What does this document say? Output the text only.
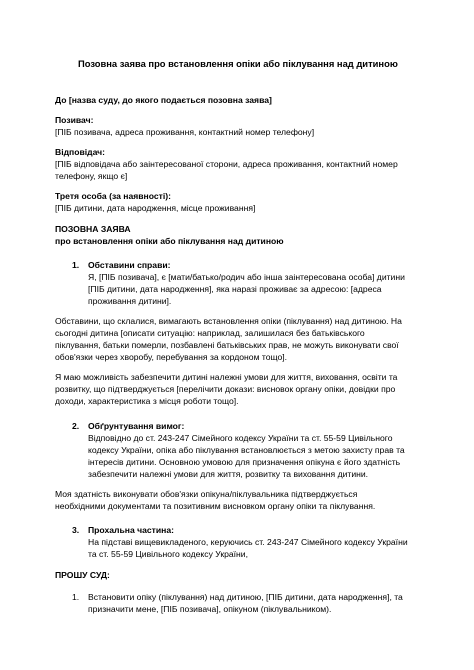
Позовна заява про встановлення опіки або піклування над дитиною
До [назва суду, до якого подається позовна заява]
Позивач:
[ПІБ позивача, адреса проживання, контактний номер телефону]
Відповідач:
[ПІБ відповідача або заінтересованої сторони, адреса проживання, контактний номер
телефону, якщо є]
Третя особа (за наявності):
[ПІБ дитини, дата народження, місце проживання]
ПОЗОВНА ЗАЯВА
про встановлення опіки або піклування над дитиною
1. Обставини справи:
Я, [ПІБ позивача], є [мати/батько/родич або інша заінтересована особа] дитини
[ПІБ дитини, дата народження], яка наразі проживає за адресою: [адреса
проживання дитини].
Обставини, що склалися, вимагають встановлення опіки (піклування) над дитиною. На
сьогодні дитина [описати ситуацію: наприклад, залишилася без батьківського
піклування, батьки померли, позбавлені батьківських прав, не можуть виконувати свої
обов'язки через хворобу, перебування за кордоном тощо].
Я маю можливість забезпечити дитині належні умови для життя, виховання, освіти та
розвитку, що підтверджується [перелічити докази: висновок органу опіки, довідки про
доходи, характеристика з місця роботи тощо].
2. Обґрунтування вимог:
Відповідно до ст. 243-247 Сімейного кодексу України та ст. 55-59 Цивільного
кодексу України, опіка або піклування встановлюється з метою захисту прав та
інтересів дитини. Основною умовою для призначення опікуна є його здатність
забезпечити належні умови для життя, розвитку та виховання дитини.
Моя здатність виконувати обов'язки опікуна/піклувальника підтверджується
необхідними документами та позитивним висновком органу опіки та піклування.
3. Прохальна частина:
На підставі вищевикладеного, керуючись ст. 243-247 Сімейного кодексу України
та ст. 55-59 Цивільного кодексу України,
ПРОШУ СУД:
1. Встановити опіку (піклування) над дитиною, [ПІБ дитини, дата народження], та
призначити мене, [ПІБ позивача], опікуном (піклувальником).
